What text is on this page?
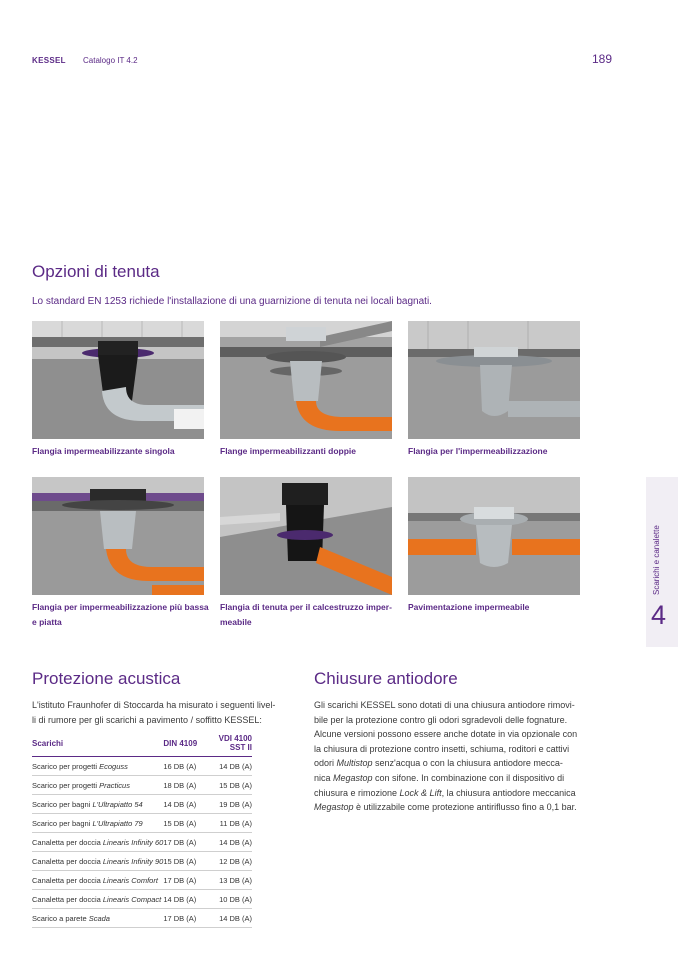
KESSEL Catalogo IT 4.2	189
Opzioni di tenuta
Lo standard EN 1253 richiede l'installazione di una guarnizione di tenuta nei locali bagnati.
Flangia impermeabilizzante singola	Flange impermeabilizzanti doppie	Flangia per l'impermeabilizzazione
Flangia per impermeabilizzazione più bassa
e piatta
Flangia di tenuta per il calcestruzzo imper-
meabile
Pavimentazione impermeabile
Scarichi e canalette
4
Protezione acustica
L'istituto Fraunhofer di Stoccarda ha misurato i seguenti livel-
li di rumore per gli scarichi a pavimento / soffitto KESSEL:
Scarichi	DIN 4109	VDI 4100 SST II
Scarico per progetti Ecoguss	16 DB (A)	14 DB (A)
Scarico per progetti Practicus	18 DB (A)	15 DB (A)
Scarico per bagni L'Ultrapiatto 54	14 DB (A)	19 DB (A)
Scarico per bagni L'Ultrapiatto 79	15 DB (A)	11 DB (A)
Canaletta per doccia Linearis Infinity 60	17 DB (A)	14 DB (A)
Canaletta per doccia Linearis Infinity 90	15 DB (A)	12 DB (A)
Canaletta per doccia Linearis Comfort	17 DB (A)	13 DB (A)
Canaletta per doccia Linearis Compact	14 DB (A)	10 DB (A)
Scarico a parete Scada	17 DB (A)	14 DB (A)
Chiusure antiodore
Gli scarichi KESSEL sono dotati di una chiusura antiodore rimovi-
bile per la protezione contro gli odori sgradevoli delle fognature.
Alcune versioni possono essere anche dotate in via opzionale con
la chiusura di protezione contro insetti, schiuma, roditori e cattivi
odori Multistop senz'acqua o con la chiusura antiodore mecca-
nica Megastop con sifone. In combinazione con il dispositivo di
chiusura e rimozione Lock & Lift, la chiusura antiodore meccanica
Megastop è utilizzabile come protezione antiriflusso fino a 0,1 bar.
